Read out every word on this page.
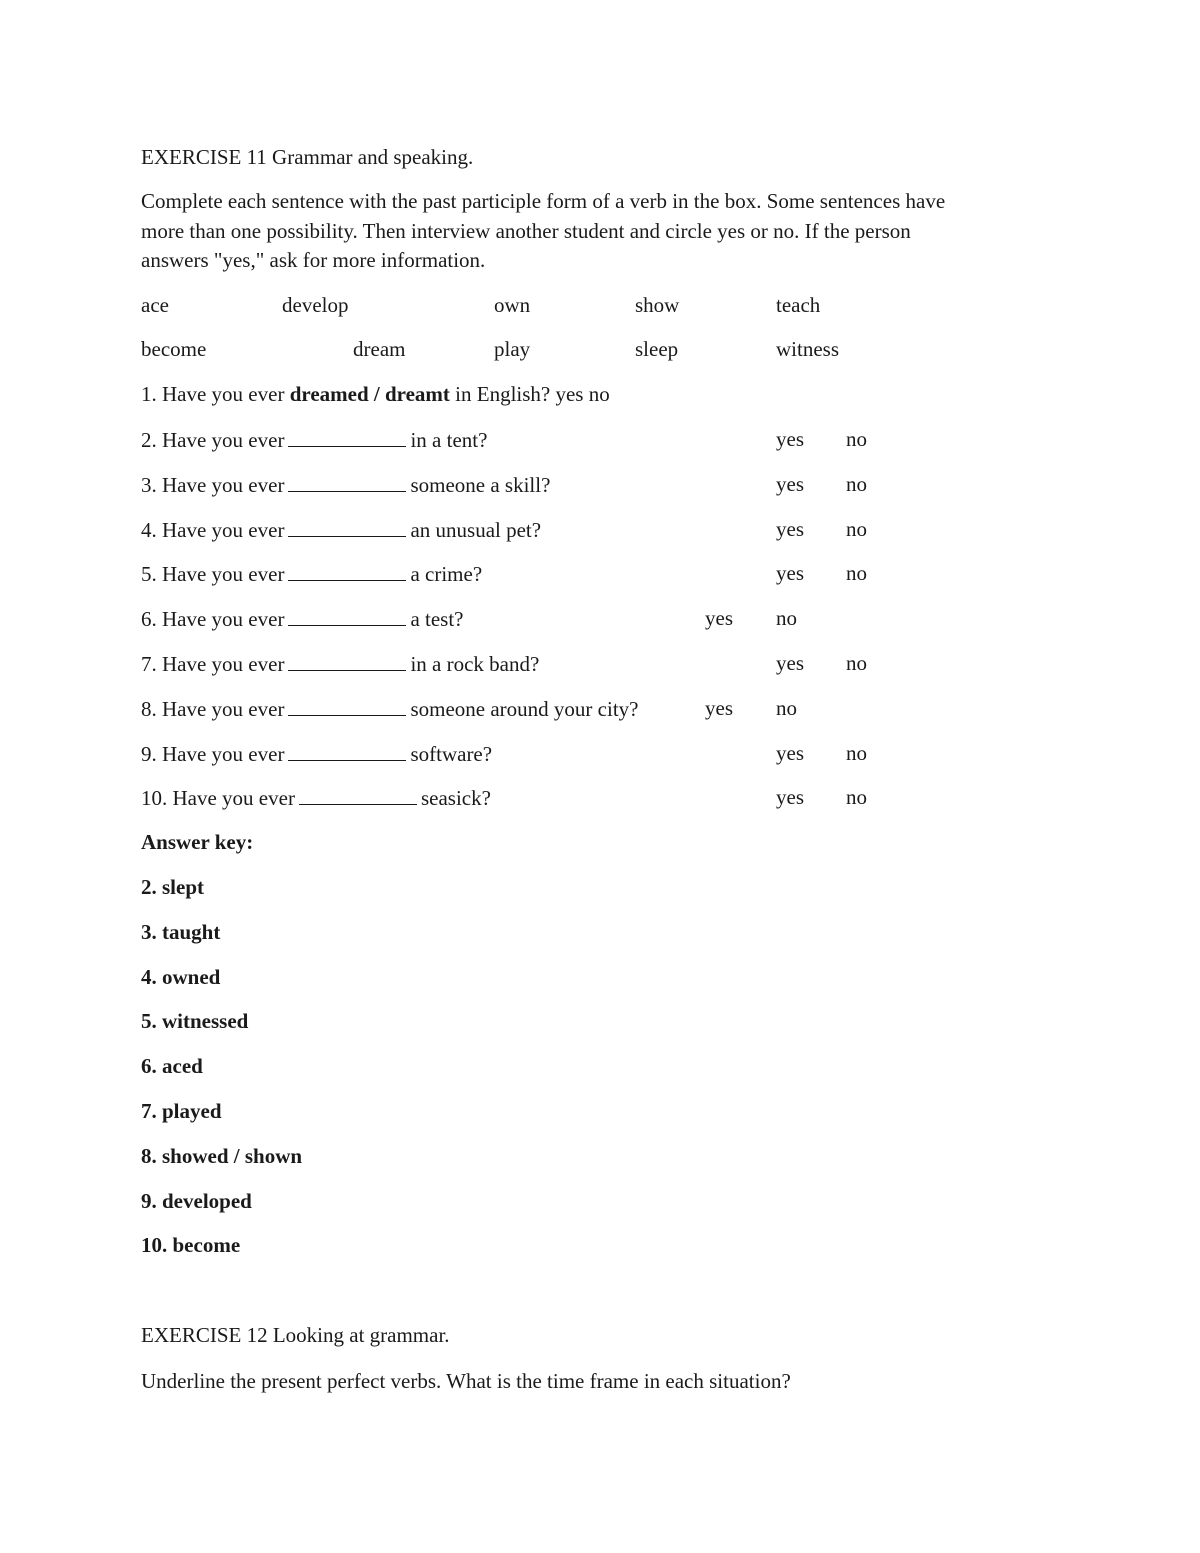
EXERCISE 11 Grammar and speaking.
Complete each sentence with the past participle form of a verb in the box. Some sentences have
more than one possibility. Then interview another student and circle yes or no. If the person
answers "yes," ask for more information.
ace	develop	own	show	teach
become	dream	play	sleep	witness
1. Have you ever dreamed / dreamt in English? yes no
2. Have you ever	in a tent?	yes no
3. Have you ever	someone a skill?	yes no
4. Have you ever	an unusual pet?	yes no
5. Have you ever	a crime?	yes no
6. Have you ever	a test?	yes no
7. Have you ever	in a rock band?	yes no
8. Have you ever	someone around your city?	yes no
9. Have you ever	software?	yes no
10. Have you ever	seasick?	yes no
Answer key:
2. slept
3. taught
4. owned
5. witnessed
6. aced
7. played
8. showed / shown
9. developed
10. become
EXERCISE 12 Looking at grammar.
Underline the present perfect verbs. What is the time frame in each situation?
